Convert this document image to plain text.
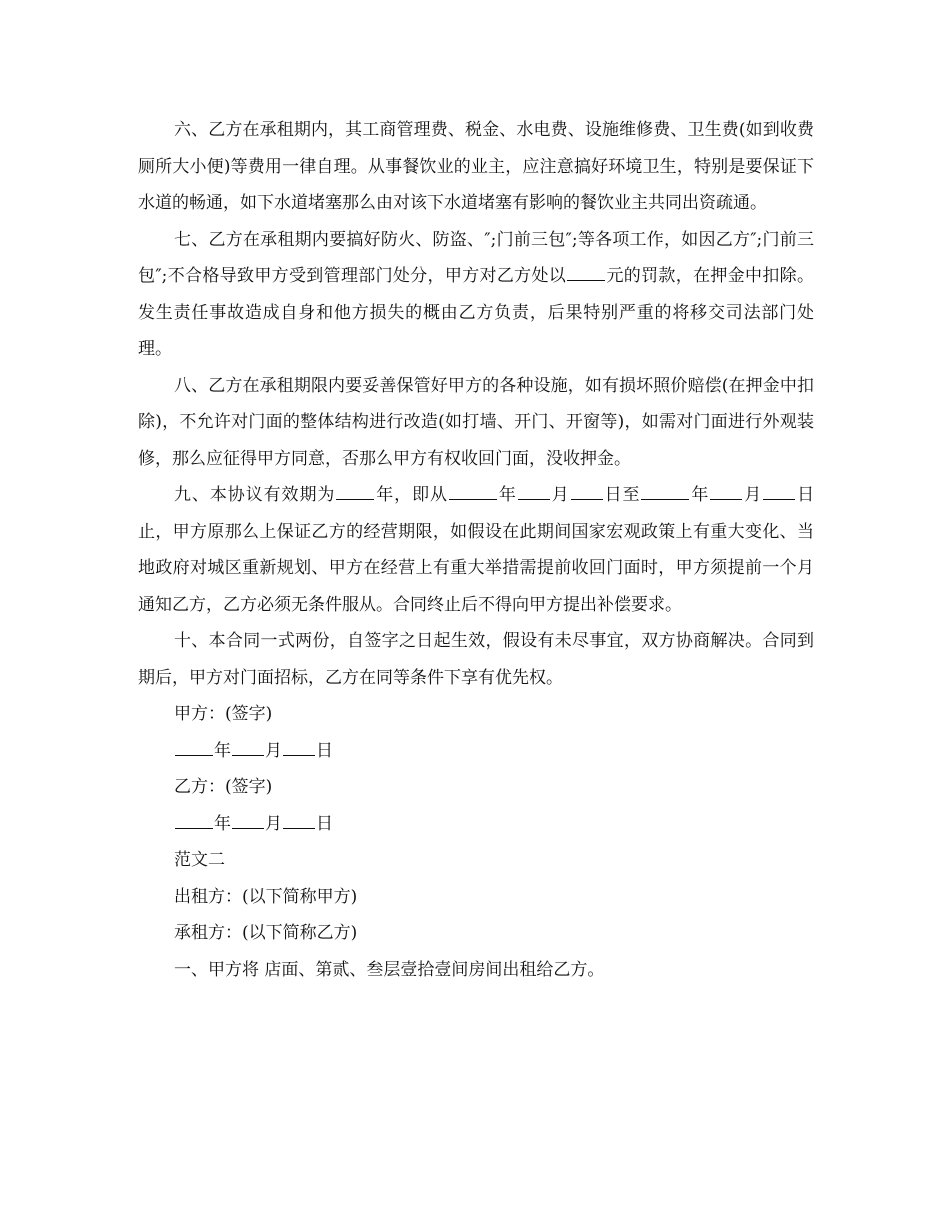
六、乙方在承租期内，其工商管理费、税金、水电费、设施维修费、卫生费(如到收费厕所大小便)等费用一律自理。从事餐饮业的业主，应注意搞好环境卫生，特别是要保证下水道的畅通，如下水道堵塞那么由对该下水道堵塞有影响的餐饮业主共同出资疏通。

七、乙方在承租期内要搞好防火、防盗、″;门前三包″;等各项工作，如因乙方″;门前三包″;不合格导致甲方受到管理部门处分，甲方对乙方处以 元的罚款，在押金中扣除。发生责任事故造成自身和他方损失的概由乙方负责，后果特别严重的将移交司法部门处理。

八、乙方在承租期限内要妥善保管好甲方的各种设施，如有损坏照价赔偿(在押金中扣除)，不允许对门面的整体结构进行改造(如打墙、开门、开窗等)，如需对门面进行外观装修，那么应征得甲方同意，否那么甲方有权收回门面，没收押金。

九、本协议有效期为 年，即从	年 月 日至	年 月 日止，甲方原那么上保证乙方的经营期限，如假设在此期间国家宏观政策上有重大变化、当地政府对城区重新规划、甲方在经营上有重大举措需提前收回门面时，甲方须提前一个月通知乙方，乙方必须无条件服从。合同终止后不得向甲方提出补偿要求。

十、本合同一式两份，自签字之日起生效，假设有未尽事宜，双方协商解决。合同到期后，甲方对门面招标，乙方在同等条件下享有优先权。

甲方：(签字)

年 月 日

乙方：(签字)

年 月 日

范文二

出租方：(以下简称甲方)

承租方：(以下简称乙方)

一、甲方将 店面、第贰、叁层壹拾壹间房间出租给乙方。
